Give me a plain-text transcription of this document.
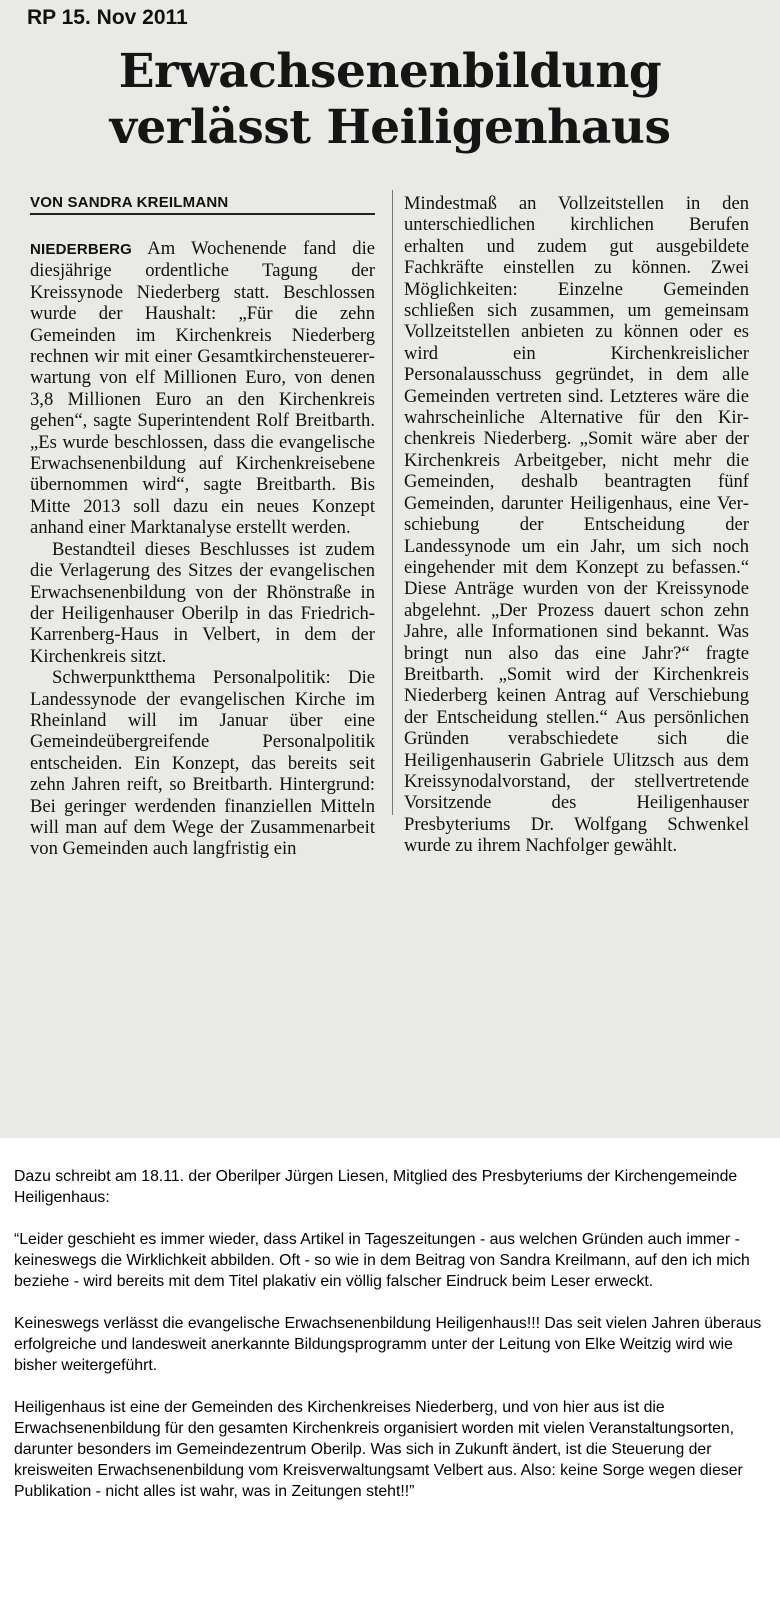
RP 15. Nov 2011
Erwachsenenbildung
verlässt Heiligenhaus
VON SANDRA KREILMANN

NIEDERBERG Am Wochenende fand die diesjährige ordentliche Tagung der Kreissynode Niederberg statt. Beschlossen wurde der Haushalt: „Für die zehn Gemeinden im Kirchenkreis Niederberg rechnen wir mit einer Gesamtkirchensteuererwartung von elf Millionen Euro, von denen 3,8 Millionen Euro an den Kirchenkreis gehen“, sagte Superintendent Rolf Breitbarth. „Es wurde beschlossen, dass die evangelische Erwachsenenbildung auf Kirchenkreisebene übernommen wird“, sagte Breitbarth. Bis Mitte 2013 soll dazu ein neues Konzept anhand einer Marktanalyse erstellt werden.

Bestandteil dieses Beschlusses ist zudem die Verlagerung des Sitzes der evangelischen Erwachsenenbildung von der Rhönstraße in der Heiligenhauser Oberilp in das Friedrich-Karrenberg-Haus in Velbert, in dem der Kirchenkreis sitzt.

Schwerpunktthema Personalpolitik: Die Landessynode der evangelischen Kirche im Rheinland will im Januar über eine Gemeindeübergreifende Personalpolitik entscheiden. Ein Konzept, das bereits seit zehn Jahren reift, so Breitbarth. Hintergrund: Bei geringer werdenden finanziellen Mitteln will man auf dem Wege der Zusammenarbeit von Gemeinden auch langfristig ein

Mindestmaß an Vollzeitstellen in den unterschiedlichen kirchlichen Berufen erhalten und zudem gut ausgebildete Fachkräfte einstellen zu können. Zwei Möglichkeiten: Einzelne Gemeinden schließen sich zusammen, um gemeinsam Vollzeitstellen anbieten zu können oder es wird ein Kirchenkreislicher Personalausschuss gegründet, in dem alle Gemeinden vertreten sind. Letzteres wäre die wahrscheinliche Alternative für den Kirchenkreis Niederberg. „Somit wäre aber der Kirchenkreis Arbeitgeber, nicht mehr die Gemeinden, deshalb beantragten fünf Gemeinden, darunter Heiligenhaus, eine Verschiebung der Entscheidung der Landessynode um ein Jahr, um sich noch eingehender mit dem Konzept zu befassen.“ Diese Anträge wurden von der Kreissynode abgelehnt. „Der Prozess dauert schon zehn Jahre, alle Informationen sind bekannt. Was bringt nun also das eine Jahr?“ fragte Breitbarth. „Somit wird der Kirchenkreis Niederberg keinen Antrag auf Verschiebung der Entscheidung stellen.“ Aus persönlichen Gründen verabschiedete sich die Heiligenhauserin Gabriele Ulitzsch aus dem Kreissynodalvorstand, der stellvertretende Vorsitzende des Heiligenhauser Presbyteriums Dr. Wolfgang Schwenkel wurde zu ihrem Nachfolger gewählt.

Dazu schreibt am 18.11. der Oberilper Jürgen Liesen, Mitglied des Presbyteriums der Kirchengemeinde Heiligenhaus:

“Leider geschieht es immer wieder, dass Artikel in Tageszeitungen - aus welchen Gründen auch immer - keineswegs die Wirklichkeit abbilden. Oft - so wie in dem Beitrag von Sandra Kreilmann, auf den ich mich beziehe - wird bereits mit dem Titel plakativ ein völlig falscher Eindruck beim Leser erweckt.

Keineswegs verlässt die evangelische Erwachsenenbildung Heiligenhaus!!! Das seit vielen Jahren überaus erfolgreiche und landesweit anerkannte Bildungsprogramm unter der Leitung von Elke Weitzig wird wie bisher weitergeführt.

Heiligenhaus ist eine der Gemeinden des Kirchenkreises Niederberg, und von hier aus ist die Erwachsenenbildung für den gesamten Kirchenkreis organisiert worden mit vielen Veranstaltungsorten, darunter besonders im Gemeindezentrum Oberilp. Was sich in Zukunft ändert, ist die Steuerung der kreisweiten Erwachsenenbildung vom Kreisverwaltungsamt Velbert aus. Also: keine Sorge wegen dieser Publikation - nicht alles ist wahr, was in Zeitungen steht!!”
